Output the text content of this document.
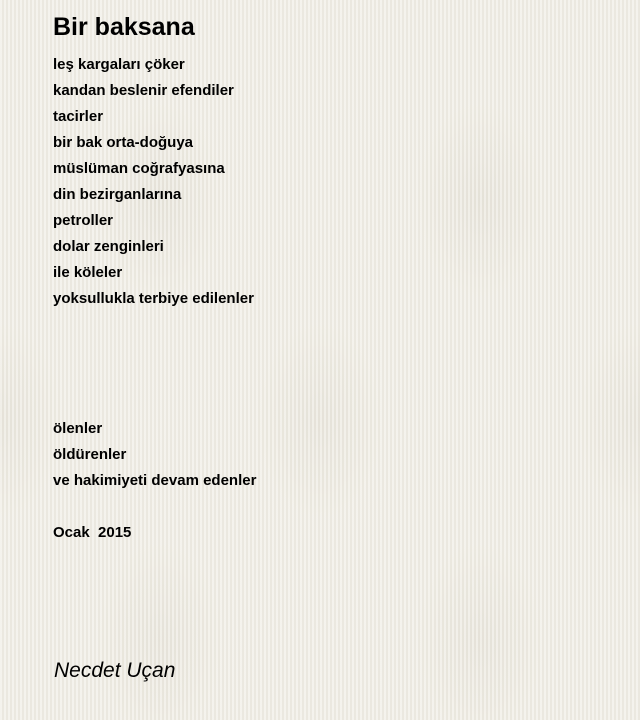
Bir baksana
leş kargaları çöker
kandan beslenir efendiler
tacirler
bir bak orta-doğuya
müslüman coğrafyasına
din bezirganlarına
petroller
dolar zenginleri
ile köleler
yoksullukla terbiye edilenler
ölenler
öldürenler
ve hakimiyeti devam edenler
Ocak  2015
Necdet Uçan
